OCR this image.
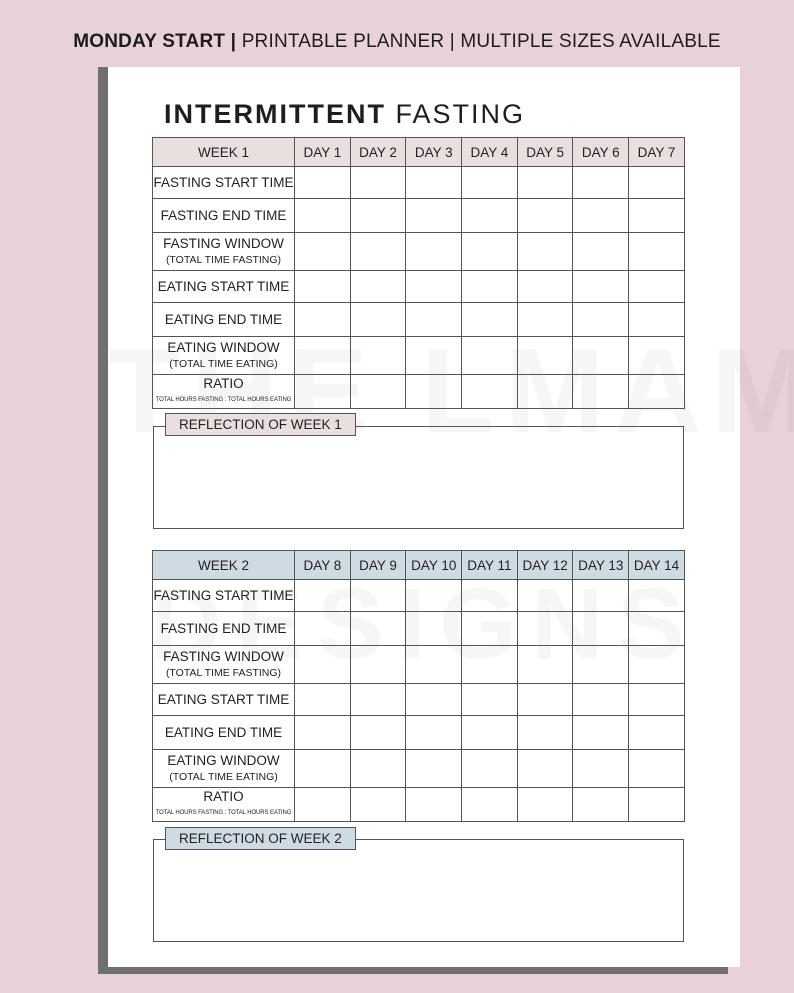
MONDAY START | PRINTABLE PLANNER | MULTIPLE SIZES AVAILABLE
INTERMITTENT FASTING
WEEK 1	DAY 1	DAY 2	DAY 3	DAY 4	DAY 5	DAY 6	DAY 7
FASTING START TIME							
FASTING END TIME							
FASTING WINDOW
(TOTAL TIME FASTING)							

EATING START TIME							
EATING END TIME							
EATING WINDOW
(TOTAL TIME EATING)							

RATIO
TOTAL HOURS FASTING : TOTAL HOURS EATING							

REFLECTION OF WEEK 1
WEEK 2	DAY 8	DAY 9	DAY 10	DAY 11	DAY 12	DAY 13	DAY 14
FASTING START TIME							
FASTING END TIME							
FASTING WINDOW
(TOTAL TIME FASTING)							

EATING START TIME							
EATING END TIME							
EATING WINDOW
(TOTAL TIME EATING)							

RATIO
TOTAL HOURS FASTING : TOTAL HOURS EATING							

REFLECTION OF WEEK 2
